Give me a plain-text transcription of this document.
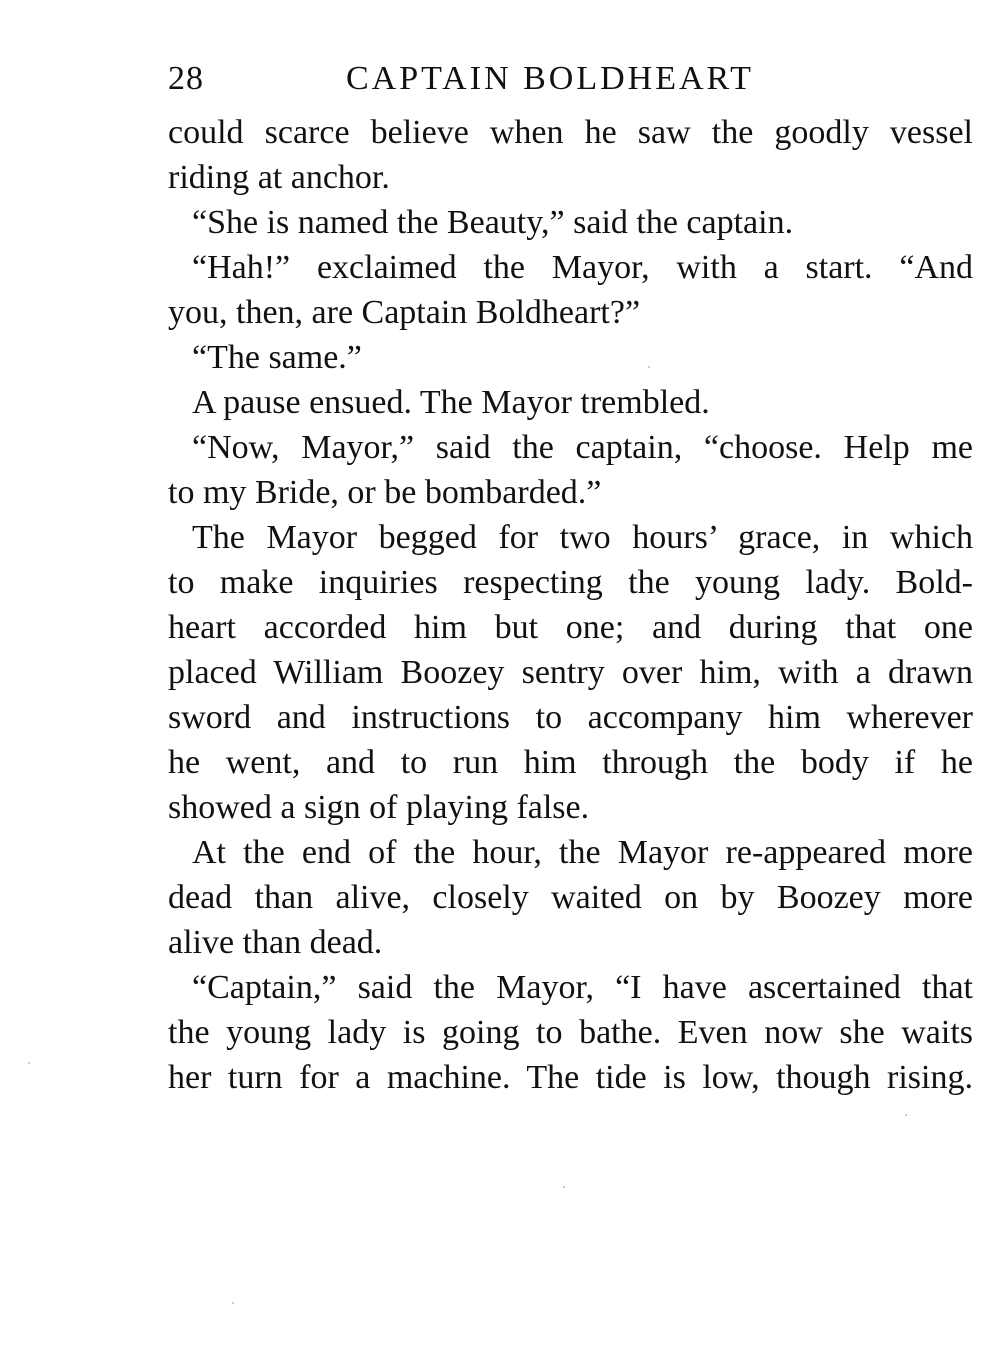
28	CAPTAIN BOLDHEART
could scarce believe when he saw the goodly vessel
riding at anchor.
“She is named the Beauty,” said the captain.
“Hah!” exclaimed the Mayor, with a start. “And
you, then, are Captain Boldheart?”
“The same.”
A pause ensued. The Mayor trembled.
“Now, Mayor,” said the captain, “choose. Help me
to my Bride, or be bombarded.”
The Mayor begged for two hours’ grace, in which
to make inquiries respecting the young lady. Bold-
heart accorded him but one; and during that one
placed William Boozey sentry over him, with a drawn
sword and instructions to accompany him wherever
he went, and to run him through the body if he
showed a sign of playing false.
At the end of the hour, the Mayor re-appeared more
dead than alive, closely waited on by Boozey more
alive than dead.
“Captain,” said the Mayor, “I have ascertained that
the young lady is going to bathe. Even now she waits
her turn for a machine. The tide is low, though rising.
